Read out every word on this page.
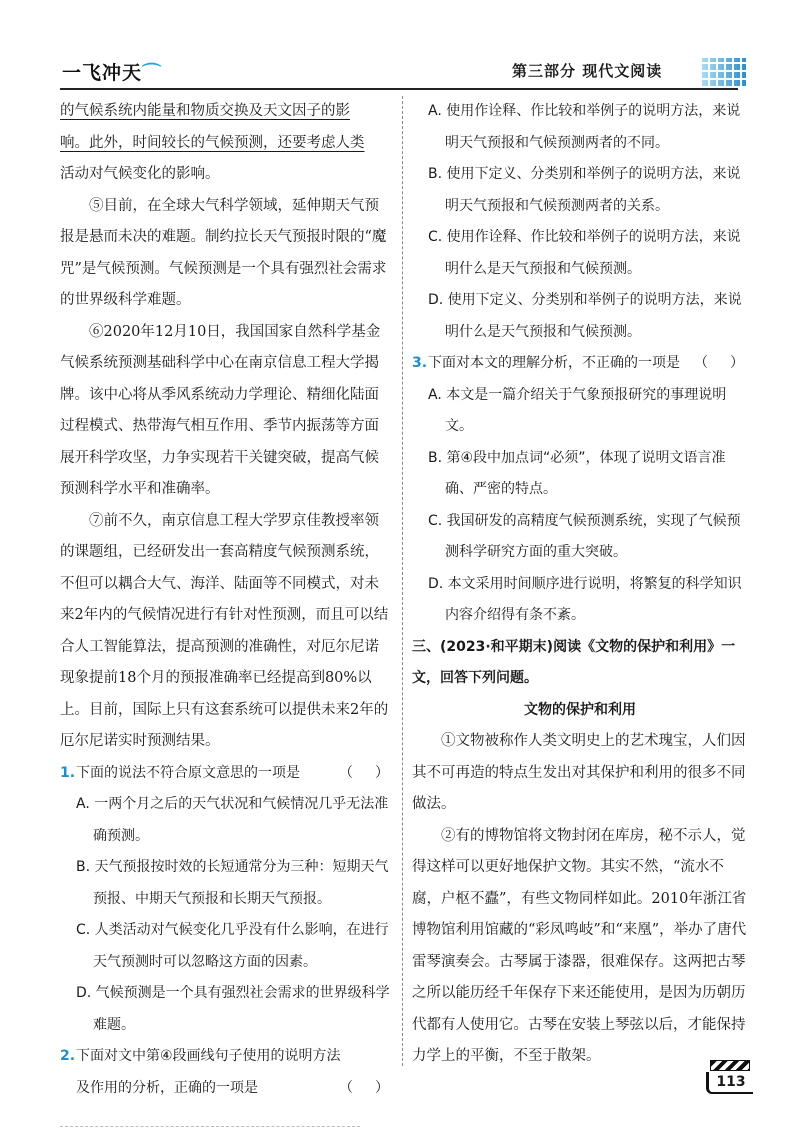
一飞冲天⌒	第三部分 现代文阅读

的气候系统内能量和物质交换及天文因子的影
响。此外，时间较长的气候预测，还要考虑人类
活动对气候变化的影响。

⑤目前，在全球大气科学领域，延伸期天气预报是悬而未决的难题。制约拉长天气预报时限的“魔咒”是气候预测。气候预测是一个具有强烈社会需求的世界级科学难题。

⑥2020年12月10日，我国国家自然科学基金气候系统预测基础科学中心在南京信息工程大学揭牌。该中心将从季风系统动力学理论、精细化陆面过程模式、热带海气相互作用、季节内振荡等方面展开科学攻坚，力争实现若干关键突破，提高气候预测科学水平和准确率。

⑦前不久，南京信息工程大学罗京佳教授率领的课题组，已经研发出一套高精度气候预测系统，不但可以耦合大气、海洋、陆面等不同模式，对未来2年内的气候情况进行有针对性预测，而且可以结合人工智能算法，提高预测的准确性，对厄尔尼诺现象提前18个月的预报准确率已经提高到80%以上。目前，国际上只有这套系统可以提供未来2年的厄尔尼诺实时预测结果。

1. 下面的说法不符合原文意思的一项是	（　）

A. 一两个月之后的天气状况和气候情况几乎无法准确预测。

B. 天气预报按时效的长短通常分为三种：短期天气预报、中期天气预报和长期天气预报。

C. 人类活动对气候变化几乎没有什么影响，在进行天气预测时可以忽略这方面的因素。

D. 气候预测是一个具有强烈社会需求的世界级科学难题。

2. 下面对文中第④段画线句子使用的说明方法
及作用的分析，正确的一项是	（　）

A. 使用作诠释、作比较和举例子的说明方法，来说明天气预报和气候预测两者的不同。

B. 使用下定义、分类别和举例子的说明方法，来说明天气预报和气候预测两者的关系。

C. 使用作诠释、作比较和举例子的说明方法，来说明什么是天气预报和气候预测。

D. 使用下定义、分类别和举例子的说明方法，来说明什么是天气预报和气候预测。

3. 下面对本文的理解分析，不正确的一项是 （　）

A. 本文是一篇介绍关于气象预报研究的事理说明文。

B. 第④段中加点词“必须”，体现了说明文语言准确、严密的特点。

C. 我国研发的高精度气候预测系统，实现了气候预测科学研究方面的重大突破。

D. 本文采用时间顺序进行说明，将繁复的科学知识内容介绍得有条不紊。

三、(2023·和平期末)阅读《文物的保护和利用》一文，回答下列问题。

文物的保护和利用

①文物被称作人类文明史上的艺术瑰宝，人们因其不可再造的特点生发出对其保护和利用的很多不同做法。

②有的博物馆将文物封闭在库房，秘不示人，觉得这样可以更好地保护文物。其实不然，“流水不腐，户枢不蠹”，有些文物同样如此。2010年浙江省博物馆利用馆藏的“彩凤鸣岐”和“来凰”，举办了唐代雷琴演奏会。古琴属于漆器，很难保存。这两把古琴之所以能历经千年保存下来还能使用，是因为历朝历代都有人使用它。古琴在安装上琴弦以后，才能保持力学上的平衡，不至于散架。

113
